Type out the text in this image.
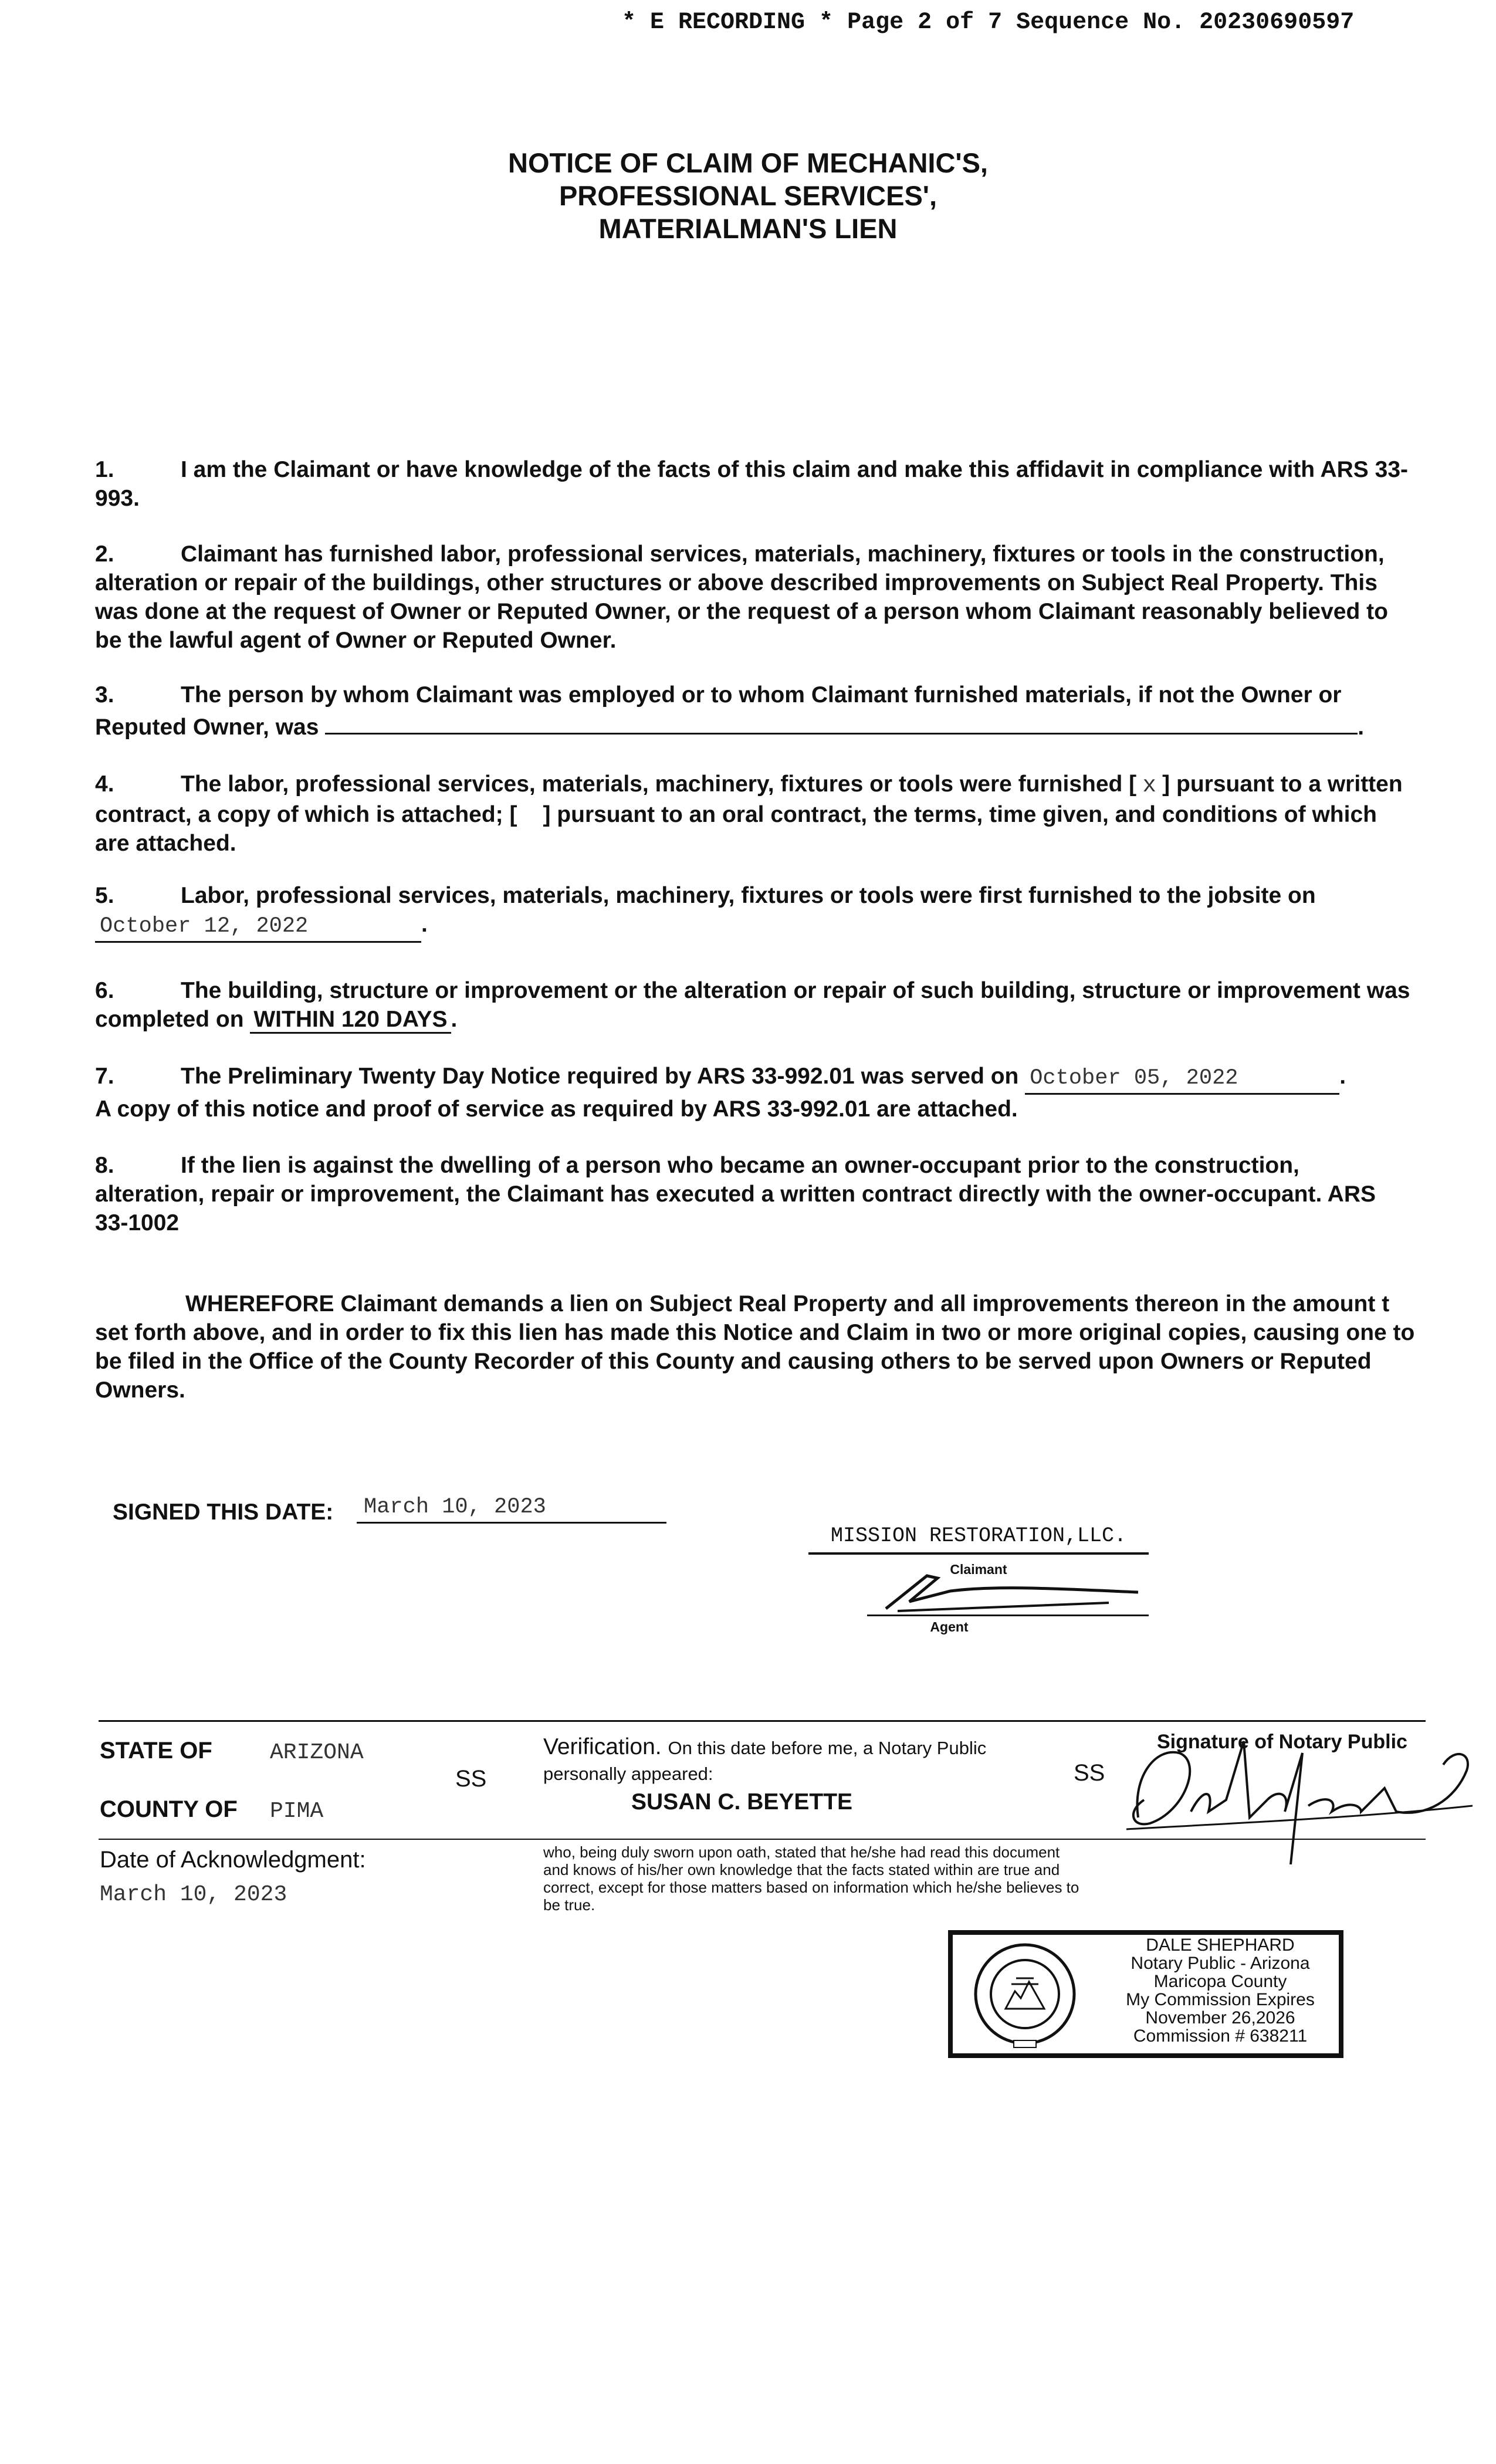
* E RECORDING * Page 2 of 7 Sequence No. 20230690597
NOTICE OF CLAIM OF MECHANIC'S,
PROFESSIONAL SERVICES',
MATERIALMAN'S LIEN
1.	I am the Claimant or have knowledge of the facts of this claim and make this affidavit in compliance with ARS 33-993.
2.	Claimant has furnished labor, professional services, materials, machinery, fixtures or tools in the construction, alteration or repair of the buildings, other structures or above described improvements on Subject Real Property. This was done at the request of Owner or Reputed Owner, or the request of a person whom Claimant reasonably believed to be the lawful agent of Owner or Reputed Owner.
3.	The person by whom Claimant was employed or to whom Claimant furnished materials, if not the Owner or Reputed Owner, was	.
4.	The labor, professional services, materials, machinery, fixtures or tools were furnished [ x ] pursuant to a written contract, a copy of which is attached; [ ] pursuant to an oral contract, the terms, time given, and conditions of which are attached.
5.	Labor, professional services, materials, machinery, fixtures or tools were first furnished to the jobsite on October 12, 2022	.
6.	The building, structure or improvement or the alteration or repair of such building, structure or improvement was completed on WITHIN 120 DAYS .
7.	The Preliminary Twenty Day Notice required by ARS 33-992.01 was served on October 05, 2022	.
A copy of this notice and proof of service as required by ARS 33-992.01 are attached.
8.	If the lien is against the dwelling of a person who became an owner-occupant prior to the construction, alteration, repair or improvement, the Claimant has executed a written contract directly with the owner-occupant. ARS 33-1002
WHEREFORE Claimant demands a lien on Subject Real Property and all improvements thereon in the amount t set forth above, and in order to fix this lien has made this Notice and Claim in two or more original copies, causing one to be filed in the Office of the County Recorder of this County and causing others to be served upon Owners or Reputed Owners.
SIGNED THIS DATE:	March 10, 2023
MISSION RESTORATION,LLC.
Claimant
Agent
STATE OF	ARIZONA
SS
COUNTY OF PIMA
Verification. On this date before me, a Notary Public personally appeared:
SUSAN C. BEYETTE
SS
Signature of Notary Public
Date of Acknowledgment:
March 10, 2023
who, being duly sworn upon oath, stated that he/she had read this document and knows of his/her own knowledge that the facts stated within are true and correct, except for those matters based on information which he/she believes to be true.
DALE SHEPHARD
Notary Public - Arizona
Maricopa County
My Commission Expires
November 26,2026
Commission # 638211
